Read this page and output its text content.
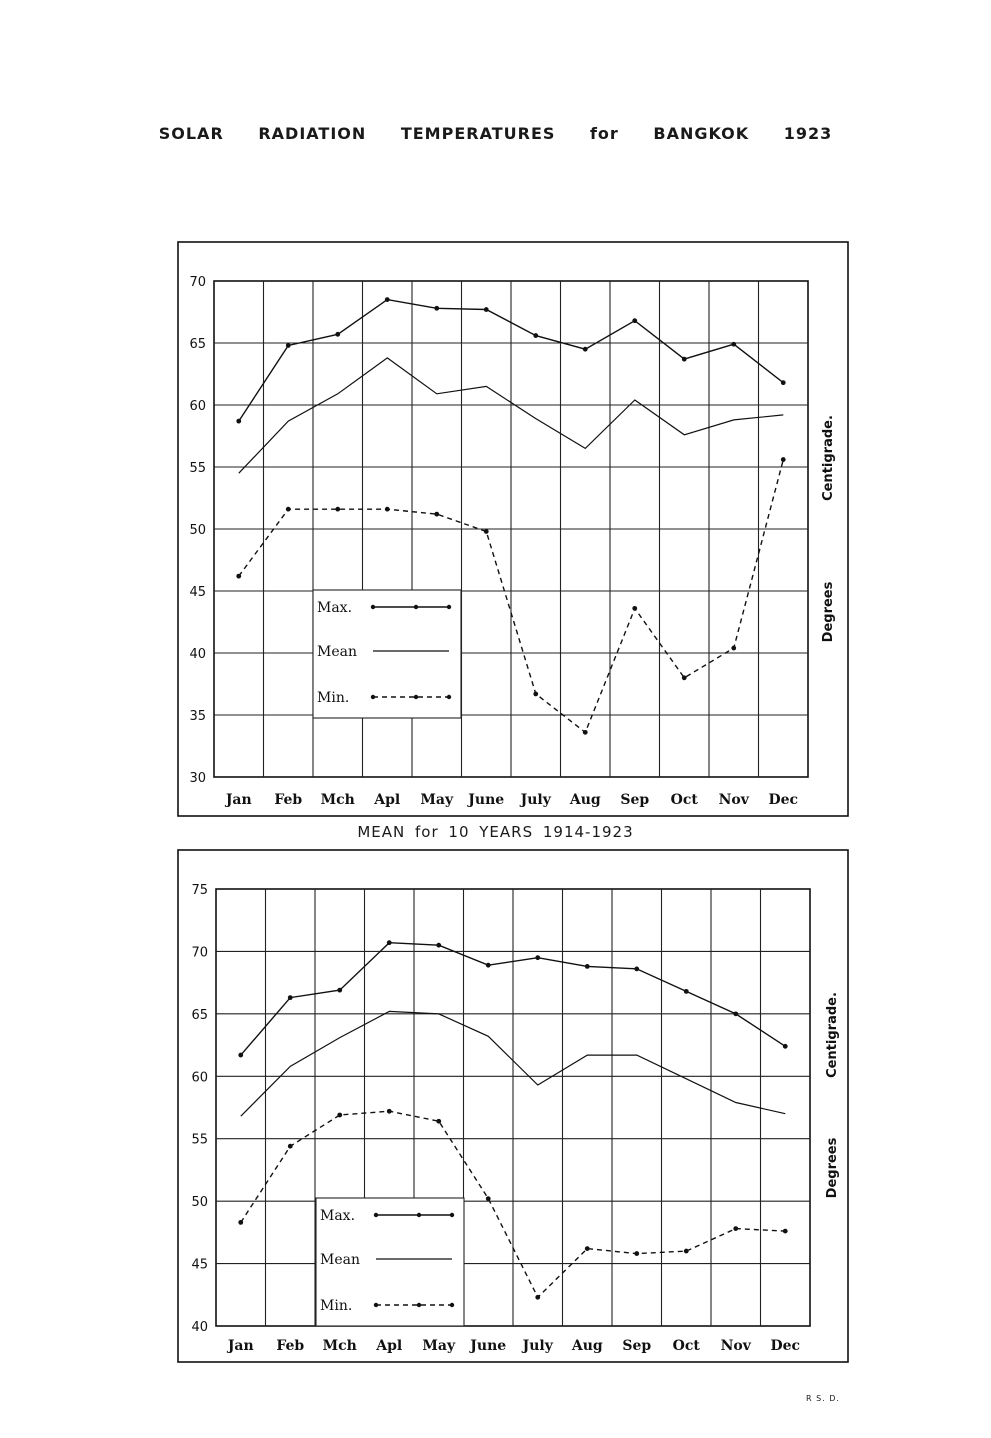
SOLAR RADIATION TEMPERATURES for BANGKOK 1923
MEAN for 10 YEARS 1914-1923
R S. D.
70
65
60
55
50
45
40
35
30
Jan Feb Mch Apl May June July Aug Sep Oct Nov Dec
Centigrade.
Degrees
Max.
Mean
Min.
75
70
65
60
55
50
45
40
Jan Feb Mch Apl May June July Aug Sep Oct Nov Dec
Centigrade.
Degrees
Max.
Mean
Min.
